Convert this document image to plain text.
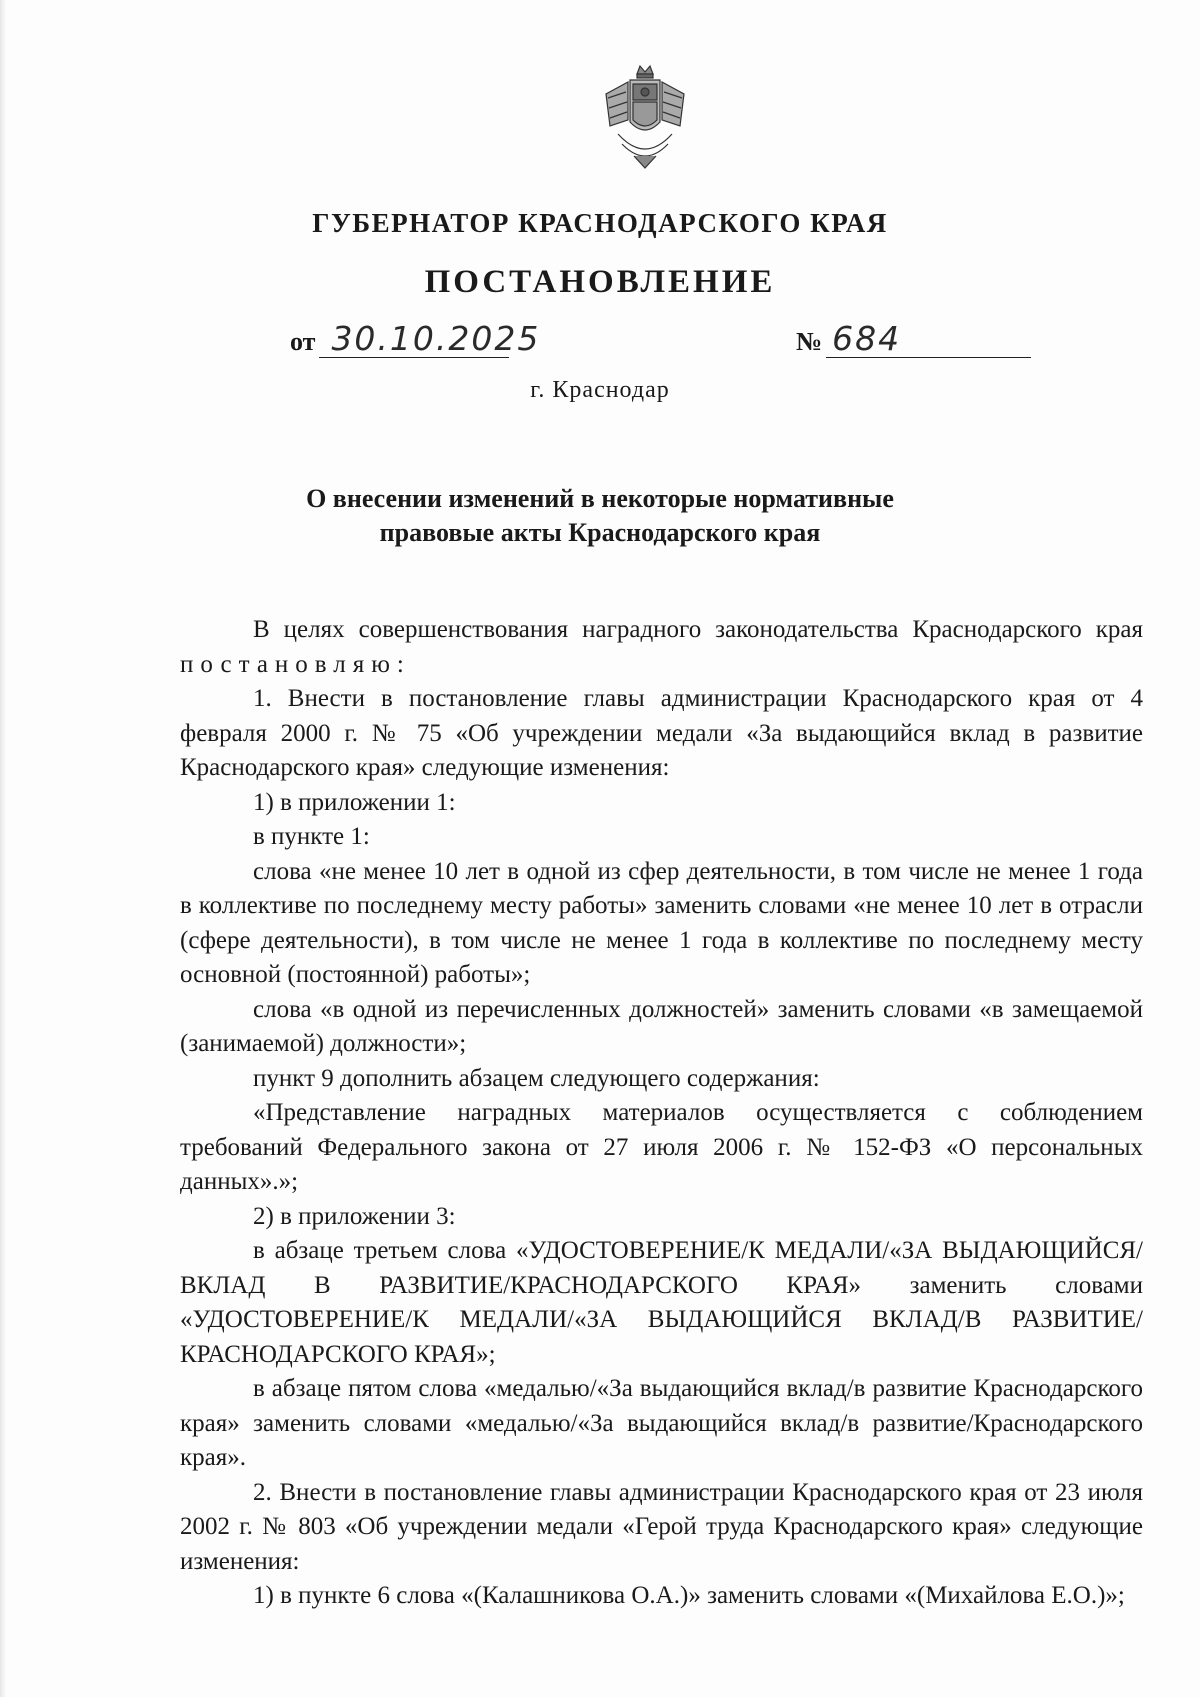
ГУБЕРНАТОР КРАСНОДАРСКОГО КРАЯ
ПОСТАНОВЛЕНИЕ
от 30.10.2025	№ 684
г. Краснодар
О внесении изменений в некоторые нормативные
правовые акты Краснодарского края

В целях совершенствования наградного законодательства Краснодарского края постановляю:

1. Внести в постановление главы администрации Краснодарского края от 4 февраля 2000 г. № 75 «Об учреждении медали «За выдающийся вклад в развитие Краснодарского края» следующие изменения:

1) в приложении 1:

в пункте 1:

слова «не менее 10 лет в одной из сфер деятельности, в том числе не менее 1 года в коллективе по последнему месту работы» заменить словами «не менее 10 лет в отрасли (сфере деятельности), в том числе не менее 1 года в коллективе по последнему месту основной (постоянной) работы»;

слова «в одной из перечисленных должностей» заменить словами «в замещаемой (занимаемой) должности»;

пункт 9 дополнить абзацем следующего содержания:

«Представление наградных материалов осуществляется с соблюдением требований Федерального закона от 27 июля 2006 г. № 152-ФЗ «О персональных данных».»;

2) в приложении 3:

в абзаце третьем слова «УДОСТОВЕРЕНИЕ/К МЕДАЛИ/«ЗА ВЫДАЮЩИЙСЯ/ВКЛАД В РАЗВИТИЕ/КРАСНОДАРСКОГО КРАЯ» заменить словами «УДОСТОВЕРЕНИЕ/К МЕДАЛИ/«ЗА ВЫДАЮЩИЙСЯ ВКЛАД/В РАЗВИТИЕ/КРАСНОДАРСКОГО КРАЯ»;

в абзаце пятом слова «медалью/«За выдающийся вклад/в развитие Краснодарского края» заменить словами «медалью/«За выдающийся вклад/в развитие/Краснодарского края».

2. Внести в постановление главы администрации Краснодарского края от 23 июля 2002 г. № 803 «Об учреждении медали «Герой труда Краснодарского края» следующие изменения:

1) в пункте 6 слова «(Калашникова О.А.)» заменить словами «(Михайлова Е.О.)»;
